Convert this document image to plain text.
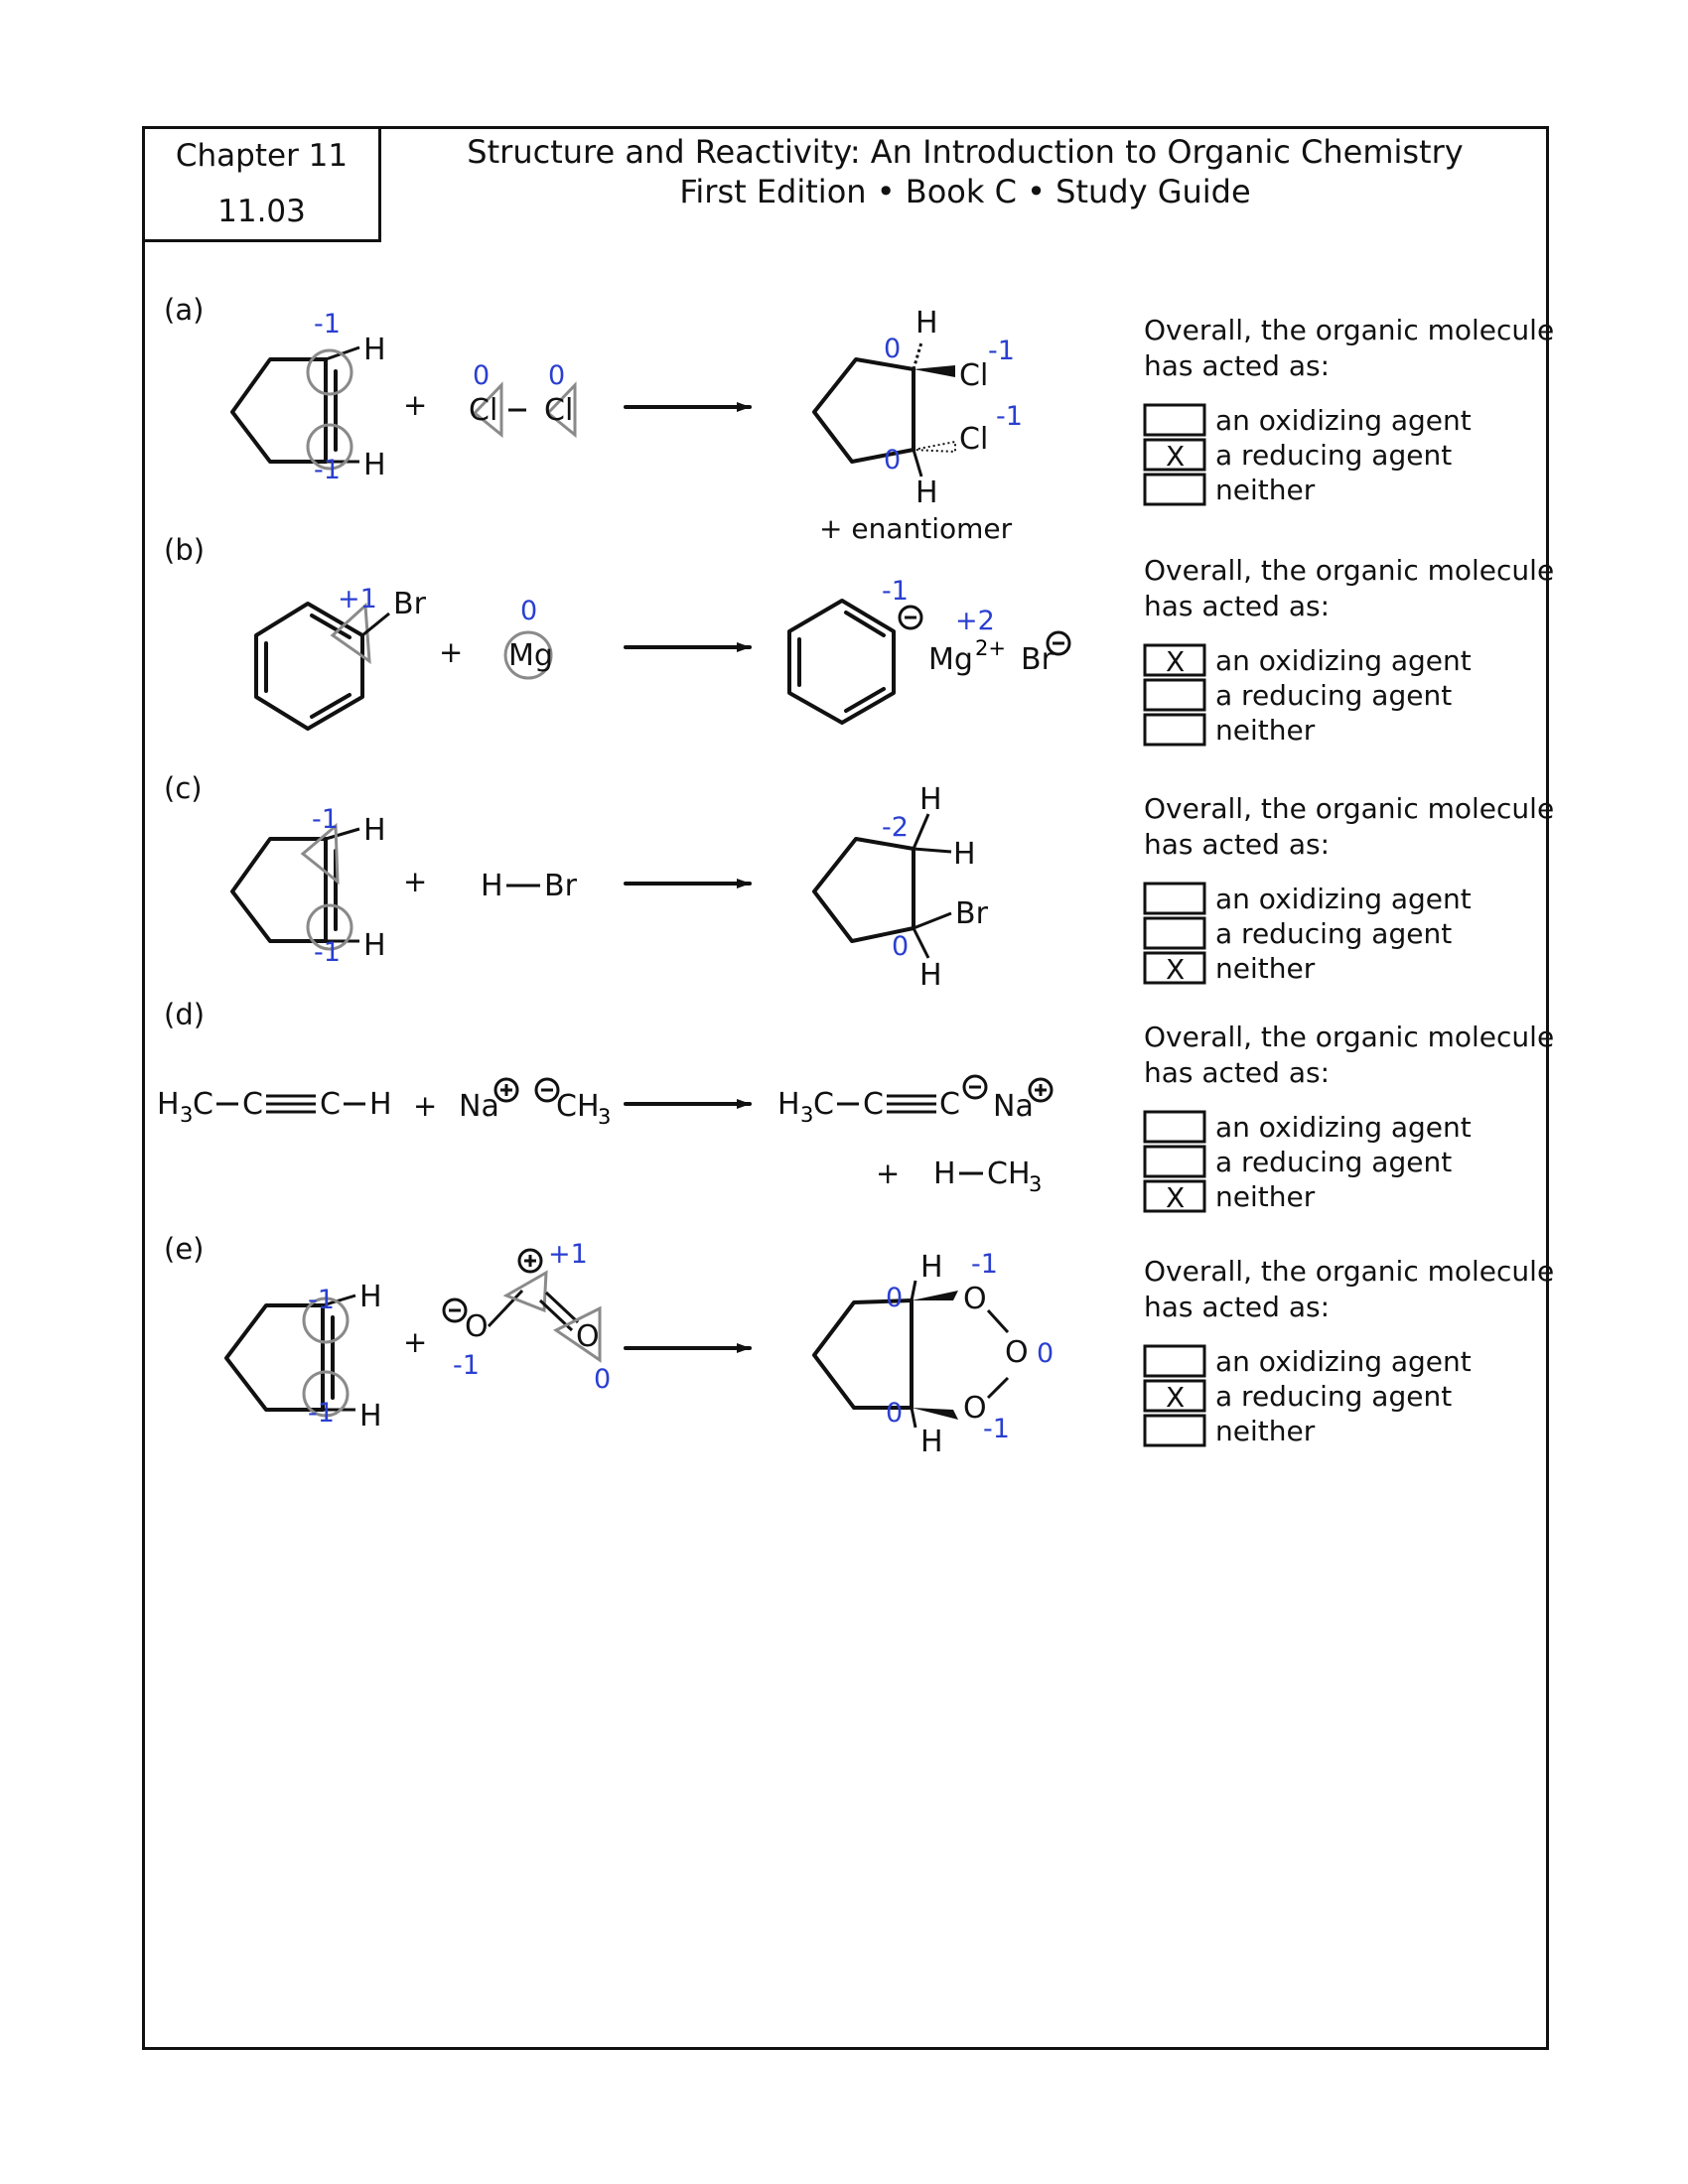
Chapter 11
11.03
Structure and Reactivity: An Introduction to Organic Chemistry
First Edition • Book C • Study Guide
(a)
H
H
-1
-1
+ Cl Cl
0 0
H
Cl
Cl
H
0	-1
-1
0
+ enantiomer
(b)
Br
+1
+ Mg
0
-1
Mg 2+
+2
Br
(c)
H
H
-1
-1
+ H Br
H
H
Br
H
-2
0
(d)
H 3 C C C H + Na CH
3	H 3 C C C Na
+ H CH
3
(e)
H
H
-1
-1
+ O	O
+1
-1	0
H
O
O
O
H
0
-1
0
0
-1
Overall, the organic molecule
has acted as:
an oxidizing agent
X a reducing agent
neither
Overall, the organic molecule
has acted as:
X an oxidizing agent
a reducing agent
neither
Overall, the organic molecule
has acted as:
an oxidizing agent
a reducing agent
X neither
Overall, the organic molecule
has acted as:
an oxidizing agent
a reducing agent
X neither
Overall, the organic molecule
has acted as:
an oxidizing agent
X a reducing agent
neither
